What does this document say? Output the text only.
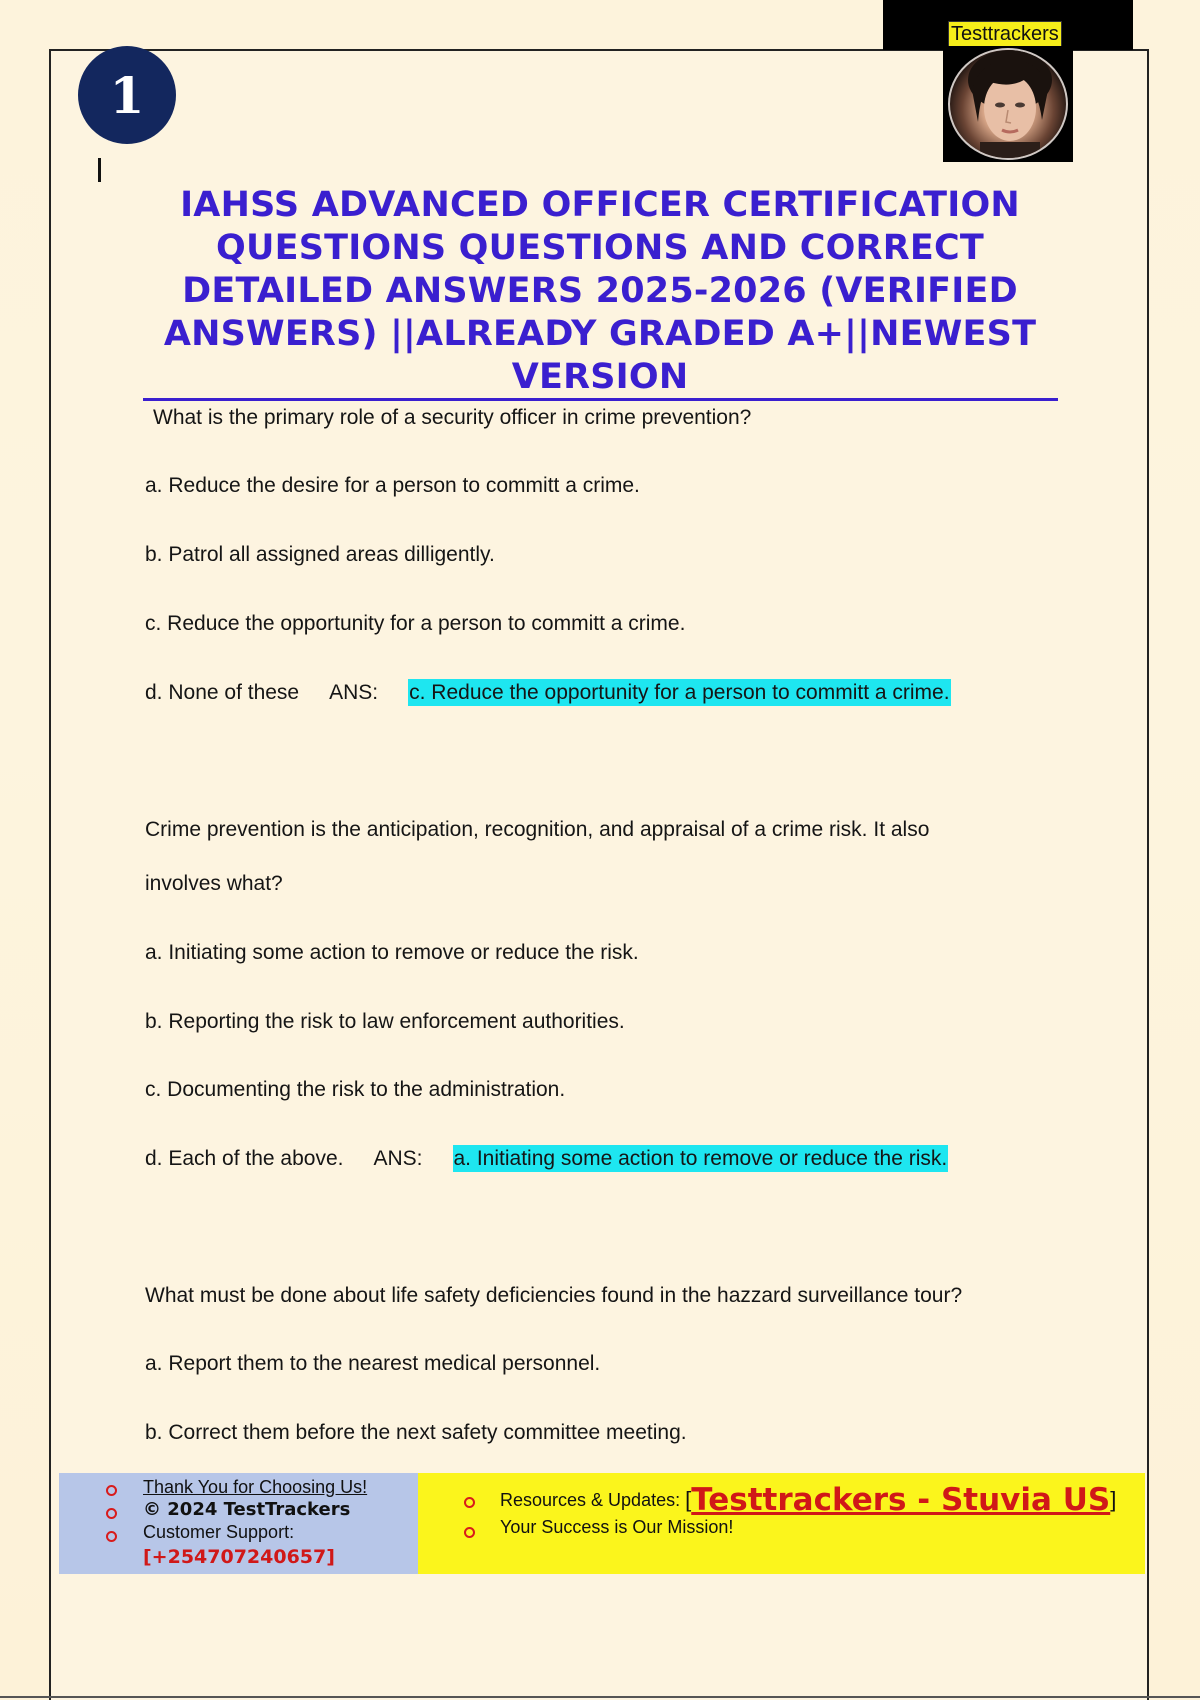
Testtrackers
1
IAHSS ADVANCED OFFICER CERTIFICATION QUESTIONS QUESTIONS AND CORRECT DETAILED ANSWERS 2025-2026 (VERIFIED ANSWERS) ||ALREADY GRADED A+||NEWEST VERSION
What is the primary role of a security officer in crime prevention?
a. Reduce the desire for a person to committ a crime.
b. Patrol all assigned areas dilligently.
c. Reduce the opportunity for a person to committ a crime.
d. None of these ANS: c. Reduce the opportunity for a person to committ a crime.
Crime prevention is the anticipation, recognition, and appraisal of a crime risk. It also
involves what?
a. Initiating some action to remove or reduce the risk.
b. Reporting the risk to law enforcement authorities.
c. Documenting the risk to the administration.
d. Each of the above. ANS: a. Initiating some action to remove or reduce the risk.
What must be done about life safety deficiencies found in the hazzard surveillance tour?
a. Report them to the nearest medical personnel.
b. Correct them before the next safety committee meeting.
Thank You for Choosing Us!
© 2024 TestTrackers
Customer Support:
[+254707240657]
Resources & Updates: [Testtrackers - Stuvia US]
Your Success is Our Mission!
